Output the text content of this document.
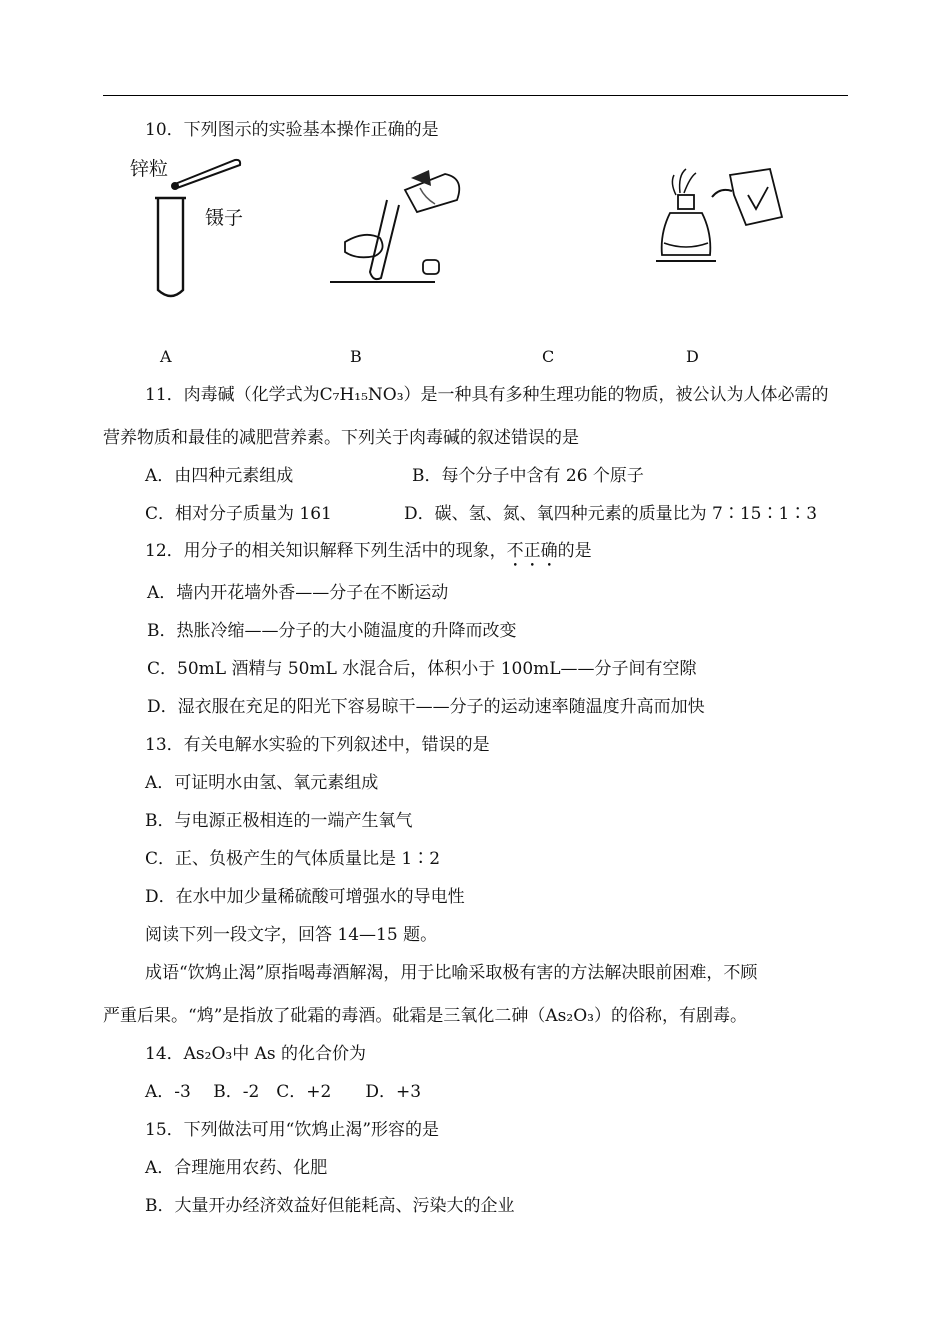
10．下列图示的实验基本操作正确的是
锌粒
镊子
A	B	C	D
11．肉毒碱（化学式为C₇H₁₅NO₃）是一种具有多种生理功能的物质，被公认为人体必需的
营养物质和最佳的减肥营养素。下列关于肉毒碱的叙述错误的是
A．由四种元素组成	B．每个分子中含有 26 个原子
C．相对分子质量为 161	D．碳、氢、氮、氧四种元素的质量比为 7∶15∶1∶3
12．用分子的相关知识解释下列生活中的现象，不正确的是
A．墙内开花墙外香——分子在不断运动
B．热胀冷缩——分子的大小随温度的升降而改变
C．50mL 酒精与 50mL 水混合后，体积小于 100mL——分子间有空隙
D．湿衣服在充足的阳光下容易晾干——分子的运动速率随温度升高而加快
13．有关电解水实验的下列叙述中，错误的是
A．可证明水由氢、氧元素组成
B．与电源正极相连的一端产生氧气
C．正、负极产生的气体质量比是 1∶2
D．在水中加少量稀硫酸可增强水的导电性
阅读下列一段文字，回答 14—15 题。
成语“饮鸩止渴”原指喝毒酒解渴，用于比喻采取极有害的方法解决眼前困难，不顾
严重后果。“鸩”是指放了砒霜的毒酒。砒霜是三氧化二砷（As₂O₃）的俗称，有剧毒。
14．As₂O₃中 As 的化合价为
A．-3　 B．-2　C．+2　　D．+3
15．下列做法可用“饮鸩止渴”形容的是
A．合理施用农药、化肥
B．大量开办经济效益好但能耗高、污染大的企业
